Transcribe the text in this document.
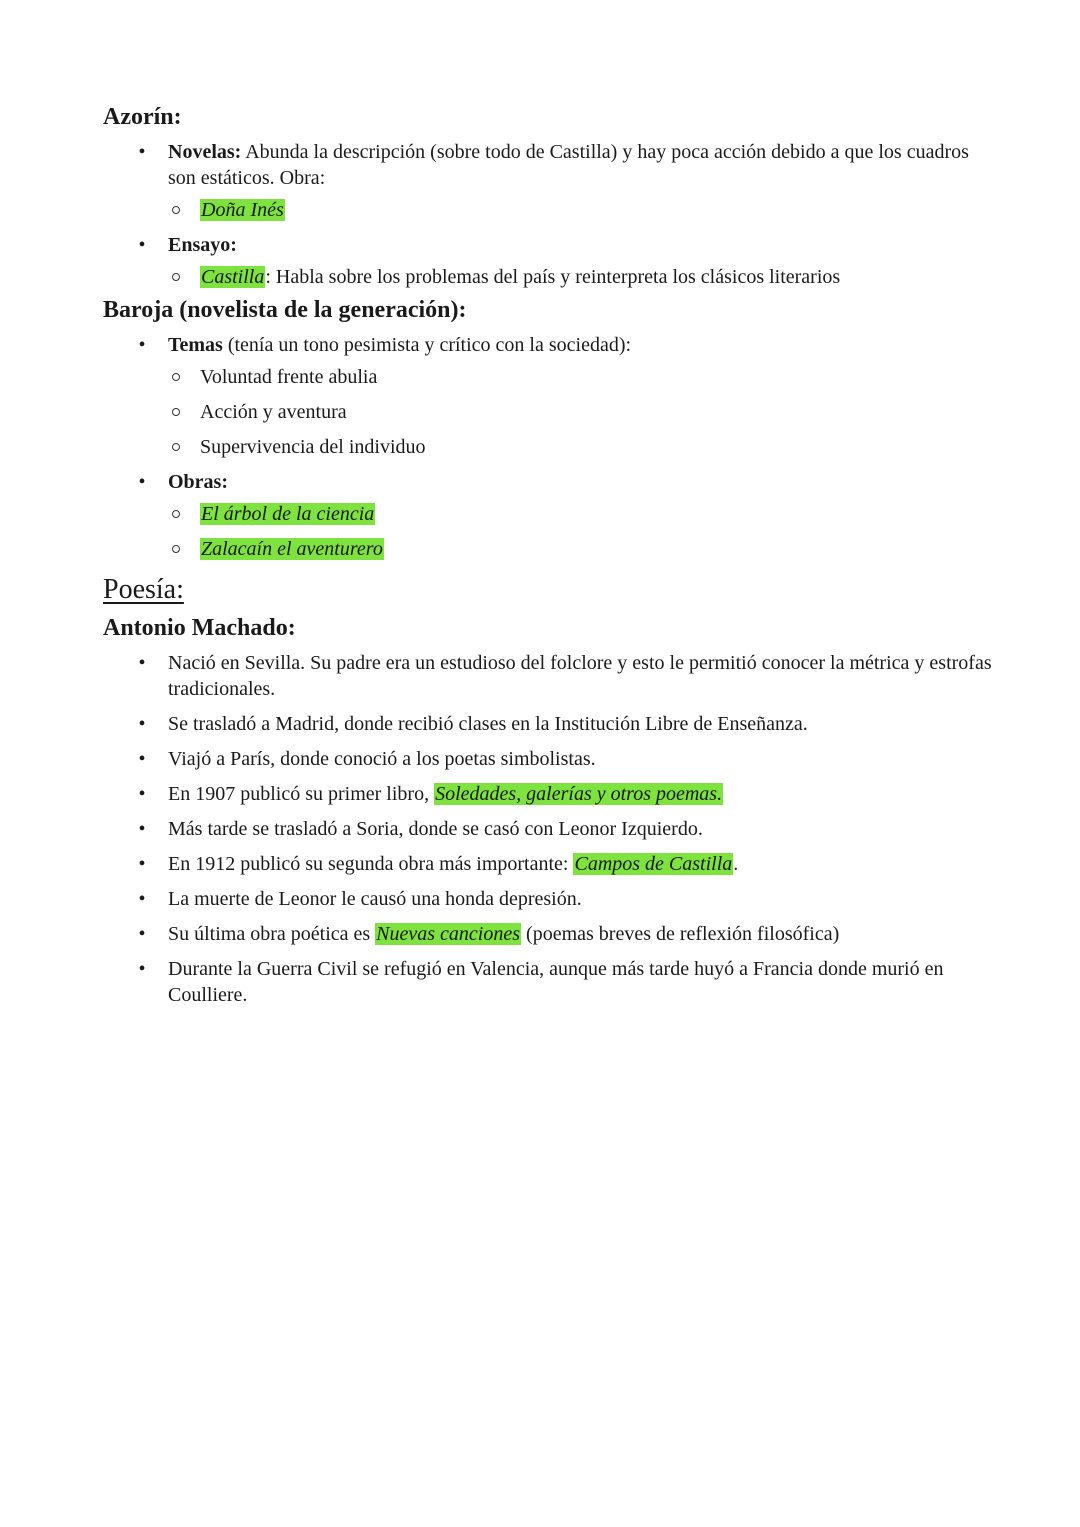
Azorín:
• Novelas: Abunda la descripción (sobre todo de Castilla) y hay poca acción debido a que los cuadros son estáticos. Obra:
Doña Inés
• Ensayo:
Castilla: Habla sobre los problemas del país y reinterpreta los clásicos literarios
Baroja (novelista de la generación):
• Temas (tenía un tono pesimista y crítico con la sociedad):
Voluntad frente abulia
Acción y aventura
Supervivencia del individuo
• Obras:
El árbol de la ciencia
Zalacaín el aventurero
Poesía:
Antonio Machado:
• Nació en Sevilla. Su padre era un estudioso del folclore y esto le permitió conocer la métrica y estrofas tradicionales.
• Se trasladó a Madrid, donde recibió clases en la Institución Libre de Enseñanza.
• Viajó a París, donde conoció a los poetas simbolistas.
• En 1907 publicó su primer libro, Soledades, galerías y otros poemas.
• Más tarde se trasladó a Soria, donde se casó con Leonor Izquierdo.
• En 1912 publicó su segunda obra más importante: Campos de Castilla.
• La muerte de Leonor le causó una honda depresión.
• Su última obra poética es Nuevas canciones (poemas breves de reflexión filosófica)
• Durante la Guerra Civil se refugió en Valencia, aunque más tarde huyó a Francia donde murió en Coulliere.
